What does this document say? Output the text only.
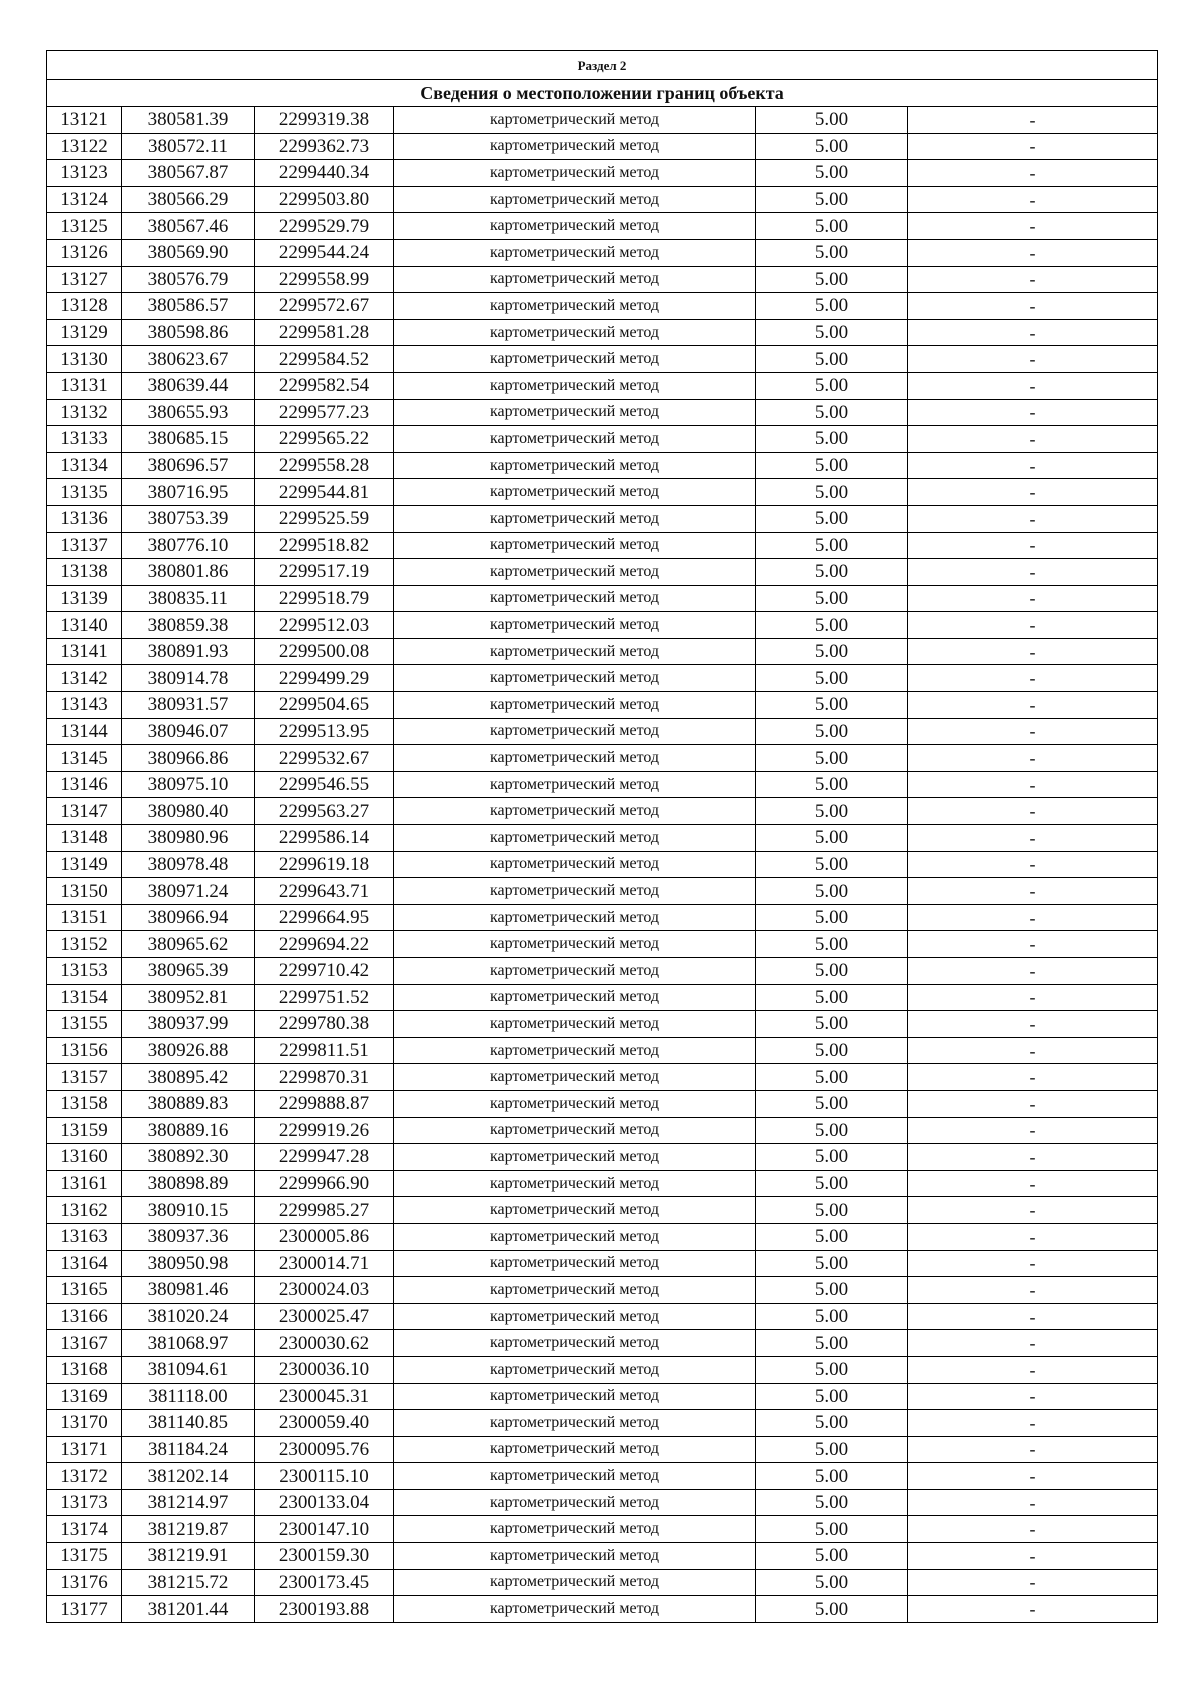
Раздел 2					
Сведения о местоположении границ объекта					
13121	380581.39	2299319.38	картометрический метод	5.00	-
13122	380572.11	2299362.73	картометрический метод	5.00	-
13123	380567.87	2299440.34	картометрический метод	5.00	-
13124	380566.29	2299503.80	картометрический метод	5.00	-
13125	380567.46	2299529.79	картометрический метод	5.00	-
13126	380569.90	2299544.24	картометрический метод	5.00	-
13127	380576.79	2299558.99	картометрический метод	5.00	-
13128	380586.57	2299572.67	картометрический метод	5.00	-
13129	380598.86	2299581.28	картометрический метод	5.00	-
13130	380623.67	2299584.52	картометрический метод	5.00	-
13131	380639.44	2299582.54	картометрический метод	5.00	-
13132	380655.93	2299577.23	картометрический метод	5.00	-
13133	380685.15	2299565.22	картометрический метод	5.00	-
13134	380696.57	2299558.28	картометрический метод	5.00	-
13135	380716.95	2299544.81	картометрический метод	5.00	-
13136	380753.39	2299525.59	картометрический метод	5.00	-
13137	380776.10	2299518.82	картометрический метод	5.00	-
13138	380801.86	2299517.19	картометрический метод	5.00	-
13139	380835.11	2299518.79	картометрический метод	5.00	-
13140	380859.38	2299512.03	картометрический метод	5.00	-
13141	380891.93	2299500.08	картометрический метод	5.00	-
13142	380914.78	2299499.29	картометрический метод	5.00	-
13143	380931.57	2299504.65	картометрический метод	5.00	-
13144	380946.07	2299513.95	картометрический метод	5.00	-
13145	380966.86	2299532.67	картометрический метод	5.00	-
13146	380975.10	2299546.55	картометрический метод	5.00	-
13147	380980.40	2299563.27	картометрический метод	5.00	-
13148	380980.96	2299586.14	картометрический метод	5.00	-
13149	380978.48	2299619.18	картометрический метод	5.00	-
13150	380971.24	2299643.71	картометрический метод	5.00	-
13151	380966.94	2299664.95	картометрический метод	5.00	-
13152	380965.62	2299694.22	картометрический метод	5.00	-
13153	380965.39	2299710.42	картометрический метод	5.00	-
13154	380952.81	2299751.52	картометрический метод	5.00	-
13155	380937.99	2299780.38	картометрический метод	5.00	-
13156	380926.88	2299811.51	картометрический метод	5.00	-
13157	380895.42	2299870.31	картометрический метод	5.00	-
13158	380889.83	2299888.87	картометрический метод	5.00	-
13159	380889.16	2299919.26	картометрический метод	5.00	-
13160	380892.30	2299947.28	картометрический метод	5.00	-
13161	380898.89	2299966.90	картометрический метод	5.00	-
13162	380910.15	2299985.27	картометрический метод	5.00	-
13163	380937.36	2300005.86	картометрический метод	5.00	-
13164	380950.98	2300014.71	картометрический метод	5.00	-
13165	380981.46	2300024.03	картометрический метод	5.00	-
13166	381020.24	2300025.47	картометрический метод	5.00	-
13167	381068.97	2300030.62	картометрический метод	5.00	-
13168	381094.61	2300036.10	картометрический метод	5.00	-
13169	381118.00	2300045.31	картометрический метод	5.00	-
13170	381140.85	2300059.40	картометрический метод	5.00	-
13171	381184.24	2300095.76	картометрический метод	5.00	-
13172	381202.14	2300115.10	картометрический метод	5.00	-
13173	381214.97	2300133.04	картометрический метод	5.00	-
13174	381219.87	2300147.10	картометрический метод	5.00	-
13175	381219.91	2300159.30	картометрический метод	5.00	-
13176	381215.72	2300173.45	картометрический метод	5.00	-
13177	381201.44	2300193.88	картометрический метод	5.00	-
